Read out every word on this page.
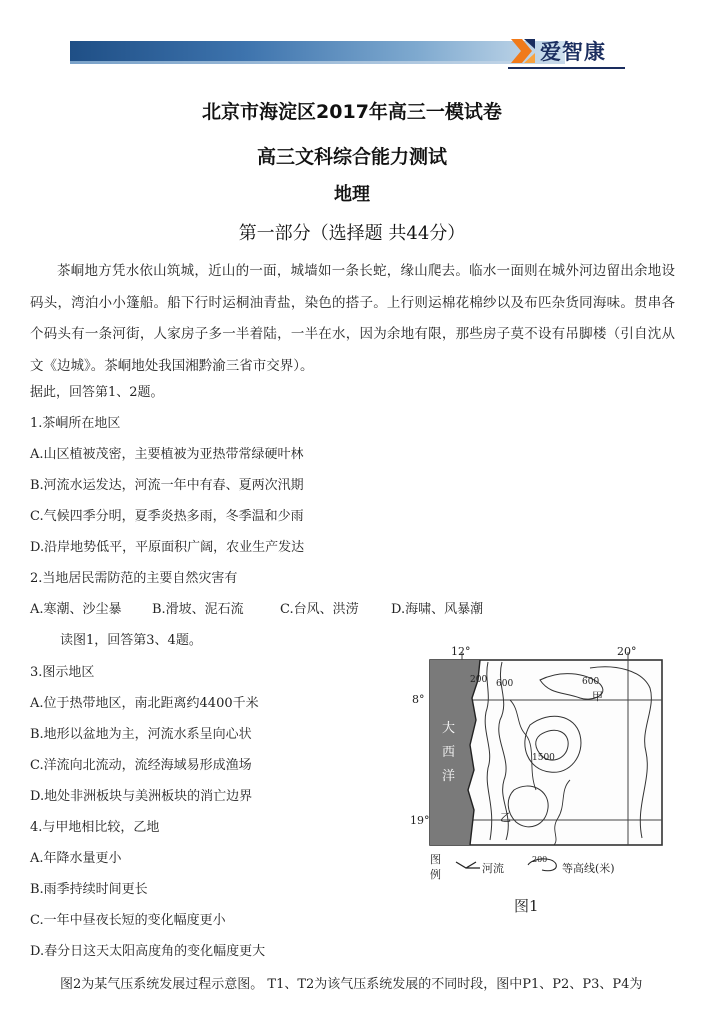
爱智康
北京市海淀区2017年高三一模试卷
高三文科综合能力测试
地理
第一部分（选择题 共44分）

茶峒地方凭水依山筑城，近山的一面，城墙如一条长蛇，缘山爬去。临水一面则在城外河边留出余地设码头，湾泊小小篷船。船下行时运桐油青盐，染色的搭子。上行则运棉花棉纱以及布匹杂货同海味。贯串各个码头有一条河街，人家房子多一半着陆，一半在水，因为余地有限，那些房子莫不设有吊脚楼（引自沈从文《边城》。茶峒地处我国湘黔渝三省市交界）。

据此，回答第1、2题。
1.茶峒所在地区
A.山区植被茂密，主要植被为亚热带常绿硬叶林
B.河流水运发达，河流一年中有春、夏两次汛期
C.气候四季分明，夏季炎热多雨，冬季温和少雨
D.沿岸地势低平，平原面积广阔，农业生产发达
2.当地居民需防范的主要自然灾害有
A.寒潮、沙尘暴 B.滑坡、泥石流	C.台风、洪涝 D.海啸、风暴潮
读图1，回答第3、4题。
3.图示地区
A.位于热带地区，南北距离约4400千米
B.地形以盆地为主，河流水系呈向心状
C.洋流向北流动，流经海域易形成渔场
D.地处非洲板块与美洲板块的消亡边界
4.与甲地相比较，乙地
A.年降水量更小
B.雨季持续时间更长
C.一年中昼夜长短的变化幅度更小
D.春分日这天太阳高度角的变化幅度更大
12°	20°
8°
19°
大
西
洋
200 600	600
1500
甲
乙
图
例	河流
200
等高线(米)
图1
图2为某气压系统发展过程示意图。 T1、T2为该气压系统发展的不同时段，图中P1、P2、P3、P4为
